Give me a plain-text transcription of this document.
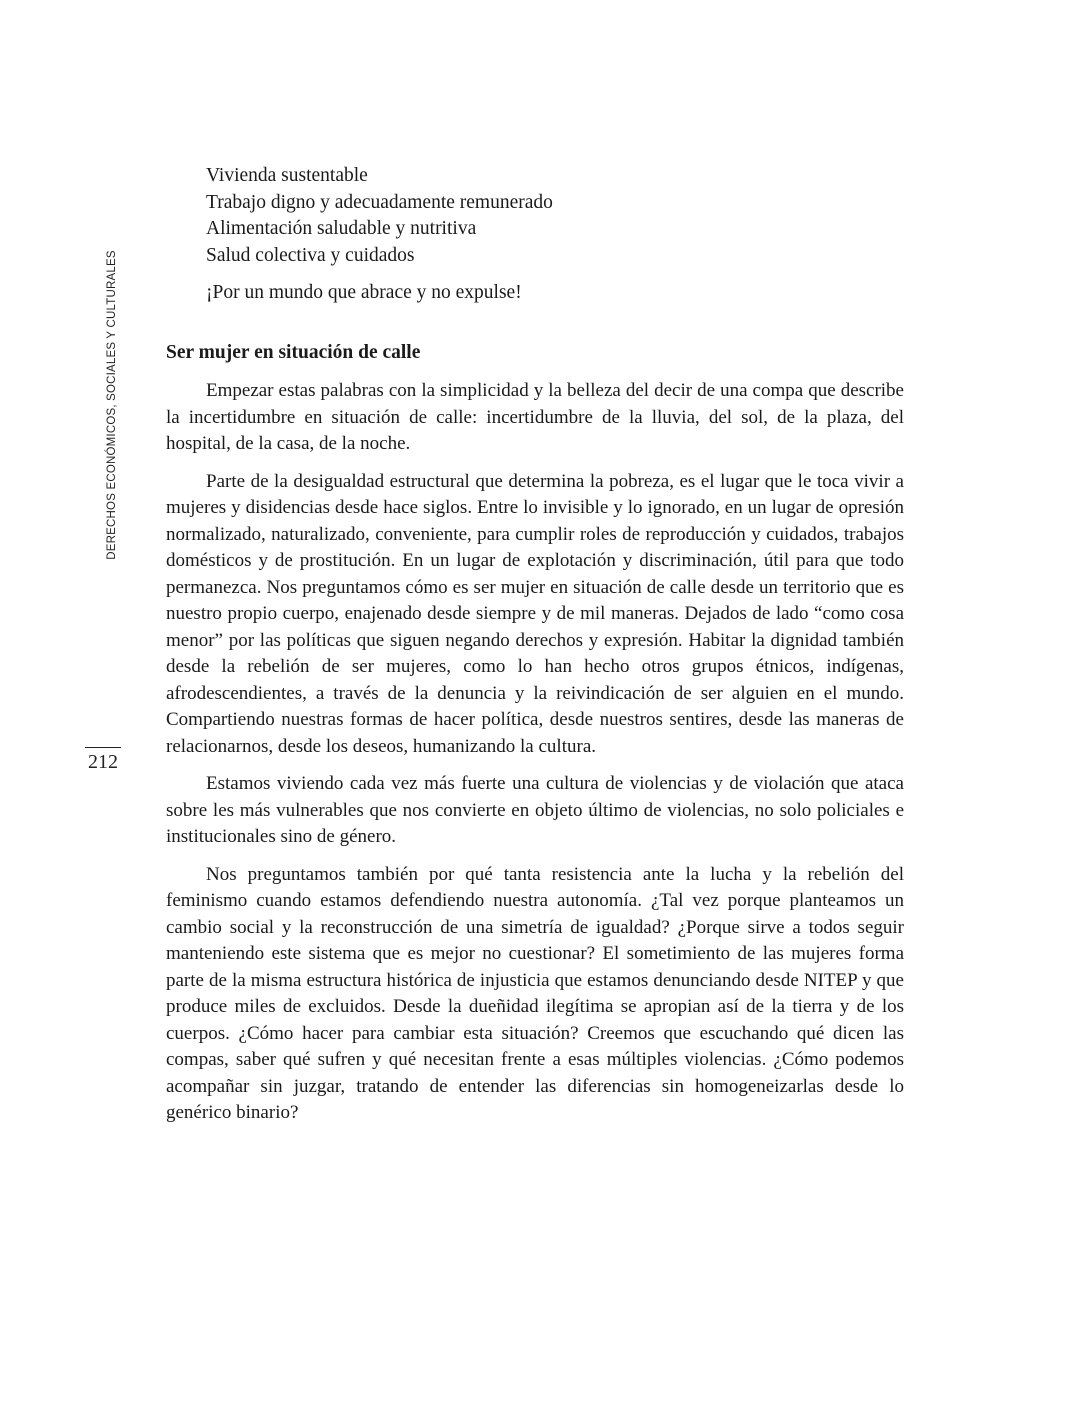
DERECHOS ECONÓMICOS, SOCIALES Y CULTURALES
212
Vivienda sustentable
Trabajo digno y adecuadamente remunerado
Alimentación saludable y nutritiva
Salud colectiva y cuidados
¡Por un mundo que abrace y no expulse!
Ser mujer en situación de calle

Empezar estas palabras con la simplicidad y la belleza del decir de una compa que describe la incertidumbre en situación de calle: incertidumbre de la lluvia, del sol, de la plaza, del hospital, de la casa, de la noche.

Parte de la desigualdad estructural que determina la pobreza, es el lugar que le toca vivir a mujeres y disidencias desde hace siglos. Entre lo invisible y lo ignorado, en un lugar de opresión normalizado, naturalizado, conveniente, para cumplir roles de reproducción y cuidados, trabajos domésticos y de prostitución. En un lugar de explotación y discriminación, útil para que todo permanezca. Nos preguntamos cómo es ser mujer en situación de calle desde un territorio que es nuestro propio cuerpo, enajenado desde siempre y de mil maneras. Dejados de lado “como cosa menor” por las políticas que siguen negando derechos y expresión. Habitar la dignidad también desde la rebelión de ser mujeres, como lo han hecho otros grupos étnicos, indígenas, afrodescendientes, a través de la denuncia y la reivindicación de ser alguien en el mundo. Compartiendo nuestras formas de hacer política, desde nuestros sentires, desde las maneras de relacionarnos, desde los deseos, humanizando la cultura.

Estamos viviendo cada vez más fuerte una cultura de violencias y de violación que ataca sobre les más vulnerables que nos convierte en objeto último de violencias, no solo policiales e institucionales sino de género.

Nos preguntamos también por qué tanta resistencia ante la lucha y la rebelión del feminismo cuando estamos defendiendo nuestra autonomía. ¿Tal vez porque planteamos un cambio social y la reconstrucción de una simetría de igualdad? ¿Porque sirve a todos seguir manteniendo este sistema que es mejor no cuestionar? El sometimiento de las mujeres forma parte de la misma estructura histórica de injusticia que estamos denunciando desde NITEP y que produce miles de excluidos. Desde la dueñidad ilegítima se apropian así de la tierra y de los cuerpos. ¿Cómo hacer para cambiar esta situación? Creemos que escuchando qué dicen las compas, saber qué sufren y qué necesitan frente a esas múltiples violencias. ¿Cómo podemos acompañar sin juzgar, tratando de entender las diferencias sin homogeneizarlas desde lo genérico binario?
